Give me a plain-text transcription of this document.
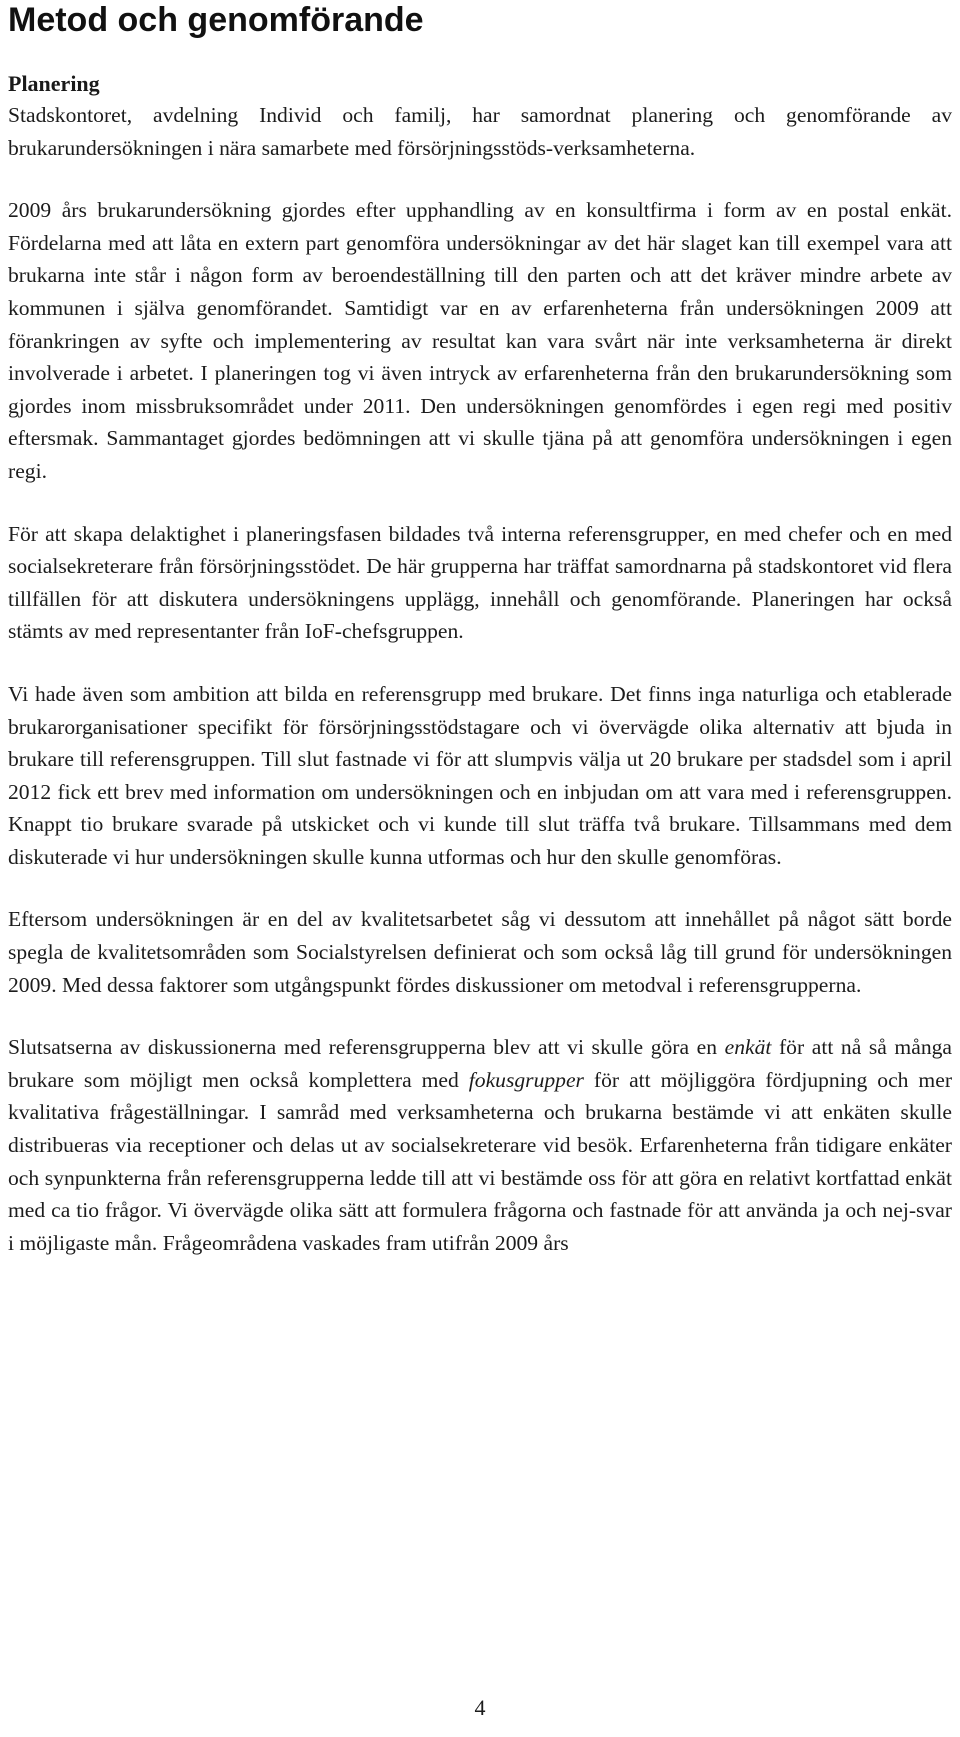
Metod och genomförande
Planering

Stadskontoret, avdelning Individ och familj, har samordnat planering och genomförande av brukarundersökningen i nära samarbete med försörjningsstöds-verksamheterna.

2009 års brukarundersökning gjordes efter upphandling av en konsultfirma i form av en postal enkät. Fördelarna med att låta en extern part genomföra undersökningar av det här slaget kan till exempel vara att brukarna inte står i någon form av beroendeställning till den parten och att det kräver mindre arbete av kommunen i själva genomförandet. Samtidigt var en av erfarenheterna från undersökningen 2009 att förankringen av syfte och implementering av resultat kan vara svårt när inte verksamheterna är direkt involverade i arbetet. I planeringen tog vi även intryck av erfarenheterna från den brukarundersökning som gjordes inom missbruksområdet under 2011. Den undersökningen genomfördes i egen regi med positiv eftersmak. Sammantaget gjordes bedömningen att vi skulle tjäna på att genomföra undersökningen i egen regi.

För att skapa delaktighet i planeringsfasen bildades två interna referensgrupper, en med chefer och en med socialsekreterare från försörjningsstödet. De här grupperna har träffat samordnarna på stadskontoret vid flera tillfällen för att diskutera undersökningens upplägg, innehåll och genomförande. Planeringen har också stämts av med representanter från IoF-chefsgruppen.

Vi hade även som ambition att bilda en referensgrupp med brukare. Det finns inga naturliga och etablerade brukarorganisationer specifikt för försörjningsstödstagare och vi övervägde olika alternativ att bjuda in brukare till referensgruppen. Till slut fastnade vi för att slumpvis välja ut 20 brukare per stadsdel som i april 2012 fick ett brev med information om undersökningen och en inbjudan om att vara med i referensgruppen. Knappt tio brukare svarade på utskicket och vi kunde till slut träffa två brukare. Tillsammans med dem diskuterade vi hur undersökningen skulle kunna utformas och hur den skulle genomföras.

Eftersom undersökningen är en del av kvalitetsarbetet såg vi dessutom att innehållet på något sätt borde spegla de kvalitetsområden som Socialstyrelsen definierat och som också låg till grund för undersökningen 2009. Med dessa faktorer som utgångspunkt fördes diskussioner om metodval i referensgrupperna.

Slutsatserna av diskussionerna med referensgrupperna blev att vi skulle göra en enkät för att nå så många brukare som möjligt men också komplettera med fokusgrupper för att möjliggöra fördjupning och mer kvalitativa frågeställningar. I samråd med verksamheterna och brukarna bestämde vi att enkäten skulle distribueras via receptioner och delas ut av socialsekreterare vid besök. Erfarenheterna från tidigare enkäter och synpunkterna från referensgrupperna ledde till att vi bestämde oss för att göra en relativt kortfattad enkät med ca tio frågor. Vi övervägde olika sätt att formulera frågorna och fastnade för att använda ja och nej-svar i möjligaste mån. Frågeområdena vaskades fram utifrån 2009 års

4
